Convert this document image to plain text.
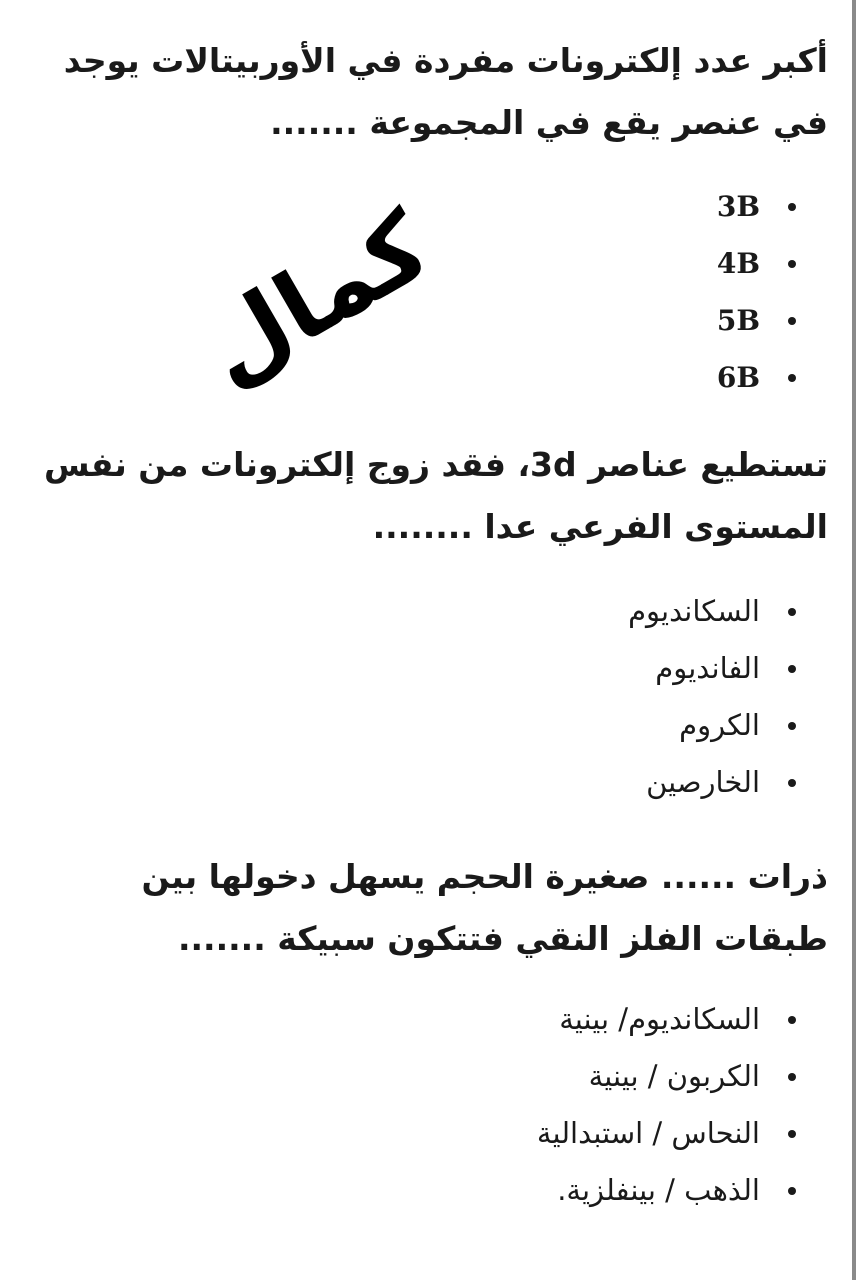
أكبر عدد إلكترونات مفردة في الأوربيتالات يوجد في عنصر يقع في المجموعة .......

3B
4B
5B
6B
كمال

تستطيع عناصر 3d، فقد زوج إلكترونات من نفس المستوى الفرعي عدا ........

السكانديوم
الفانديوم
الكروم
الخارصين

ذرات ...... صغيرة الحجم يسهل دخولها بين طبقات الفلز النقي فتتكون سبيكة .......

السكانديوم/ بينية
الكربون / بينية
النحاس / استبدالية
الذهب / بينفلزية.
